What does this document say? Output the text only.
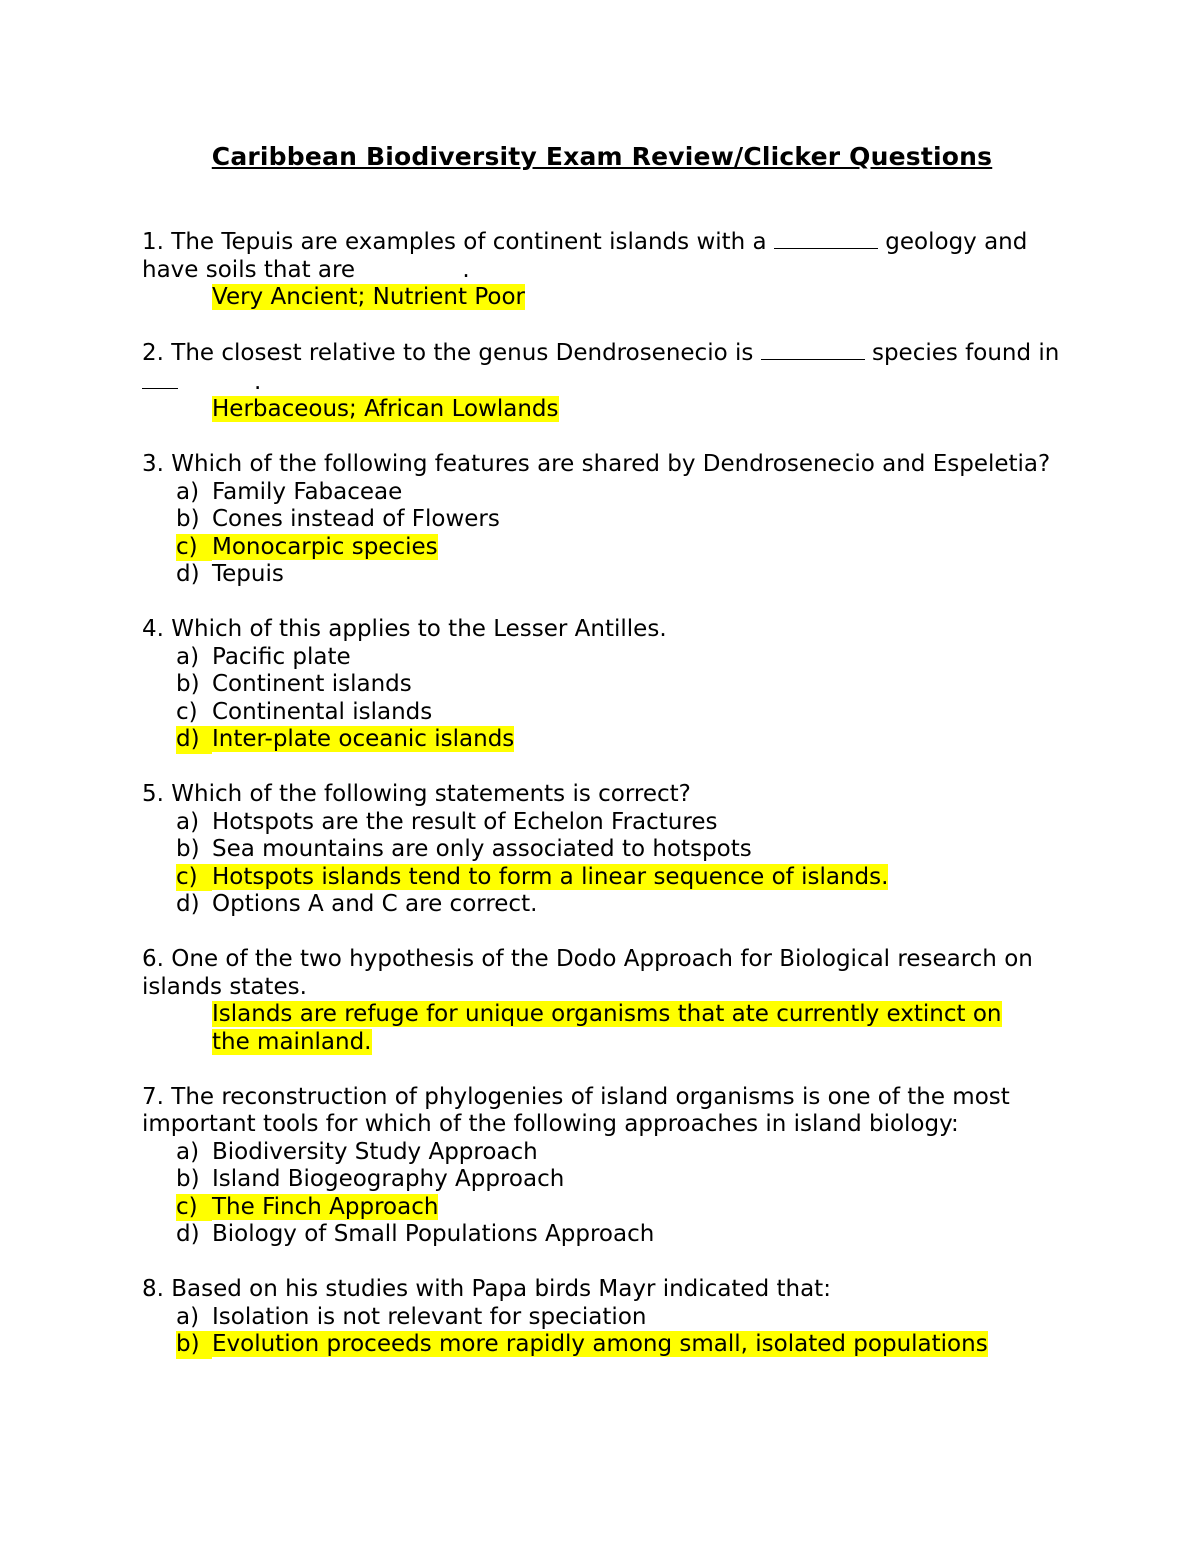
Caribbean Biodiversity Exam Review/Clicker Questions

1. The Tepuis are examples of continent islands with a	geology and have soils that are	.

Very Ancient; Nutrient Poor

2. The closest relative to the genus Dendrosenecio is	species found in .

Herbaceous; African Lowlands

3. Which of the following features are shared by Dendrosenecio and Espeletia?

a) Family Fabaceae
b) Cones instead of Flowers
c) Monocarpic species
d) Tepuis

4. Which of this applies to the Lesser Antilles.

a) Pacific plate
b) Continent islands
c) Continental islands
d) Inter-plate oceanic islands

5. Which of the following statements is correct?

a) Hotspots are the result of Echelon Fractures
b) Sea mountains are only associated to hotspots
c) Hotspots islands tend to form a linear sequence of islands.
d) Options A and C are correct.

6. One of the two hypothesis of the Dodo Approach for Biological research on islands states.

Islands are refuge for unique organisms that ate currently extinct on

the mainland.

7. The reconstruction of phylogenies of island organisms is one of the most important tools for which of the following approaches in island biology:

a) Biodiversity Study Approach
b) Island Biogeography Approach
c) The Finch Approach
d) Biology of Small Populations Approach

8. Based on his studies with Papa birds Mayr indicated that:

a) Isolation is not relevant for speciation
b) Evolution proceeds more rapidly among small, isolated populations
